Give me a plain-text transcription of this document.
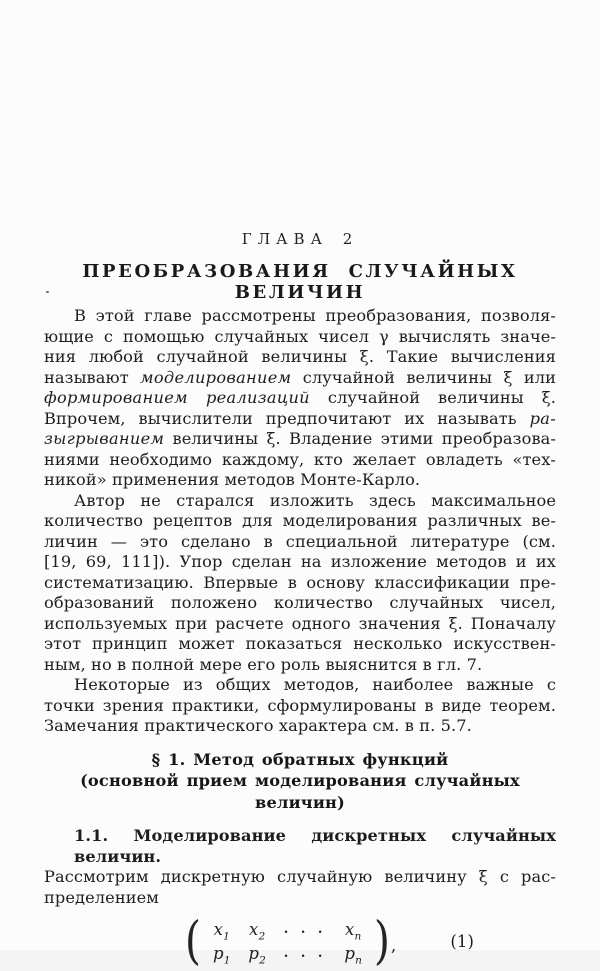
ГЛАВА 2
ПРЕОБРАЗОВАНИЯ СЛУЧАЙНЫХ ВЕЛИЧИН
В этой главе рассмотрены преобразования, позволя-
ющие с помощью случайных чисел γ вычислять значе-
ния любой случайной величины ξ. Такие вычисления
называют моделированием случайной величины ξ или
формированием реализаций случайной величины ξ.
Впрочем, вычислители предпочитают их называть ра-
зыгрыванием величины ξ. Владение этими преобразова-
ниями необходимо каждому, кто желает овладеть «тех-
никой» применения методов Монте-Карло.
Автор не старался изложить здесь максимальное
количество рецептов для моделирования различных ве-
личин — это сделано в специальной литературе (см.
[19, 69, 111]). Упор сделан на изложение методов и их
систематизацию. Впервые в основу классификации пре-
образований положено количество случайных чисел,
используемых при расчете одного значения ξ. Поначалу
этот принцип может показаться несколько искусствен-
ным, но в полной мере его роль выяснится в гл. 7.
Некоторые из общих методов, наиболее важные с
точки зрения практики, сформулированы в виде теорем.
Замечания практического характера см. в п. 5.7.
§ 1. Метод обратных функций
(основной прием моделирования случайных величин)
1.1. Моделирование дискретных случайных величин.
Рассмотрим дискретную случайную величину ξ с рас-
пределением
( $x_1$	$x_2$	. . .	$x_n$
$p_1$	$p_2$	. . .	$p_n$ ) ,	(1)
